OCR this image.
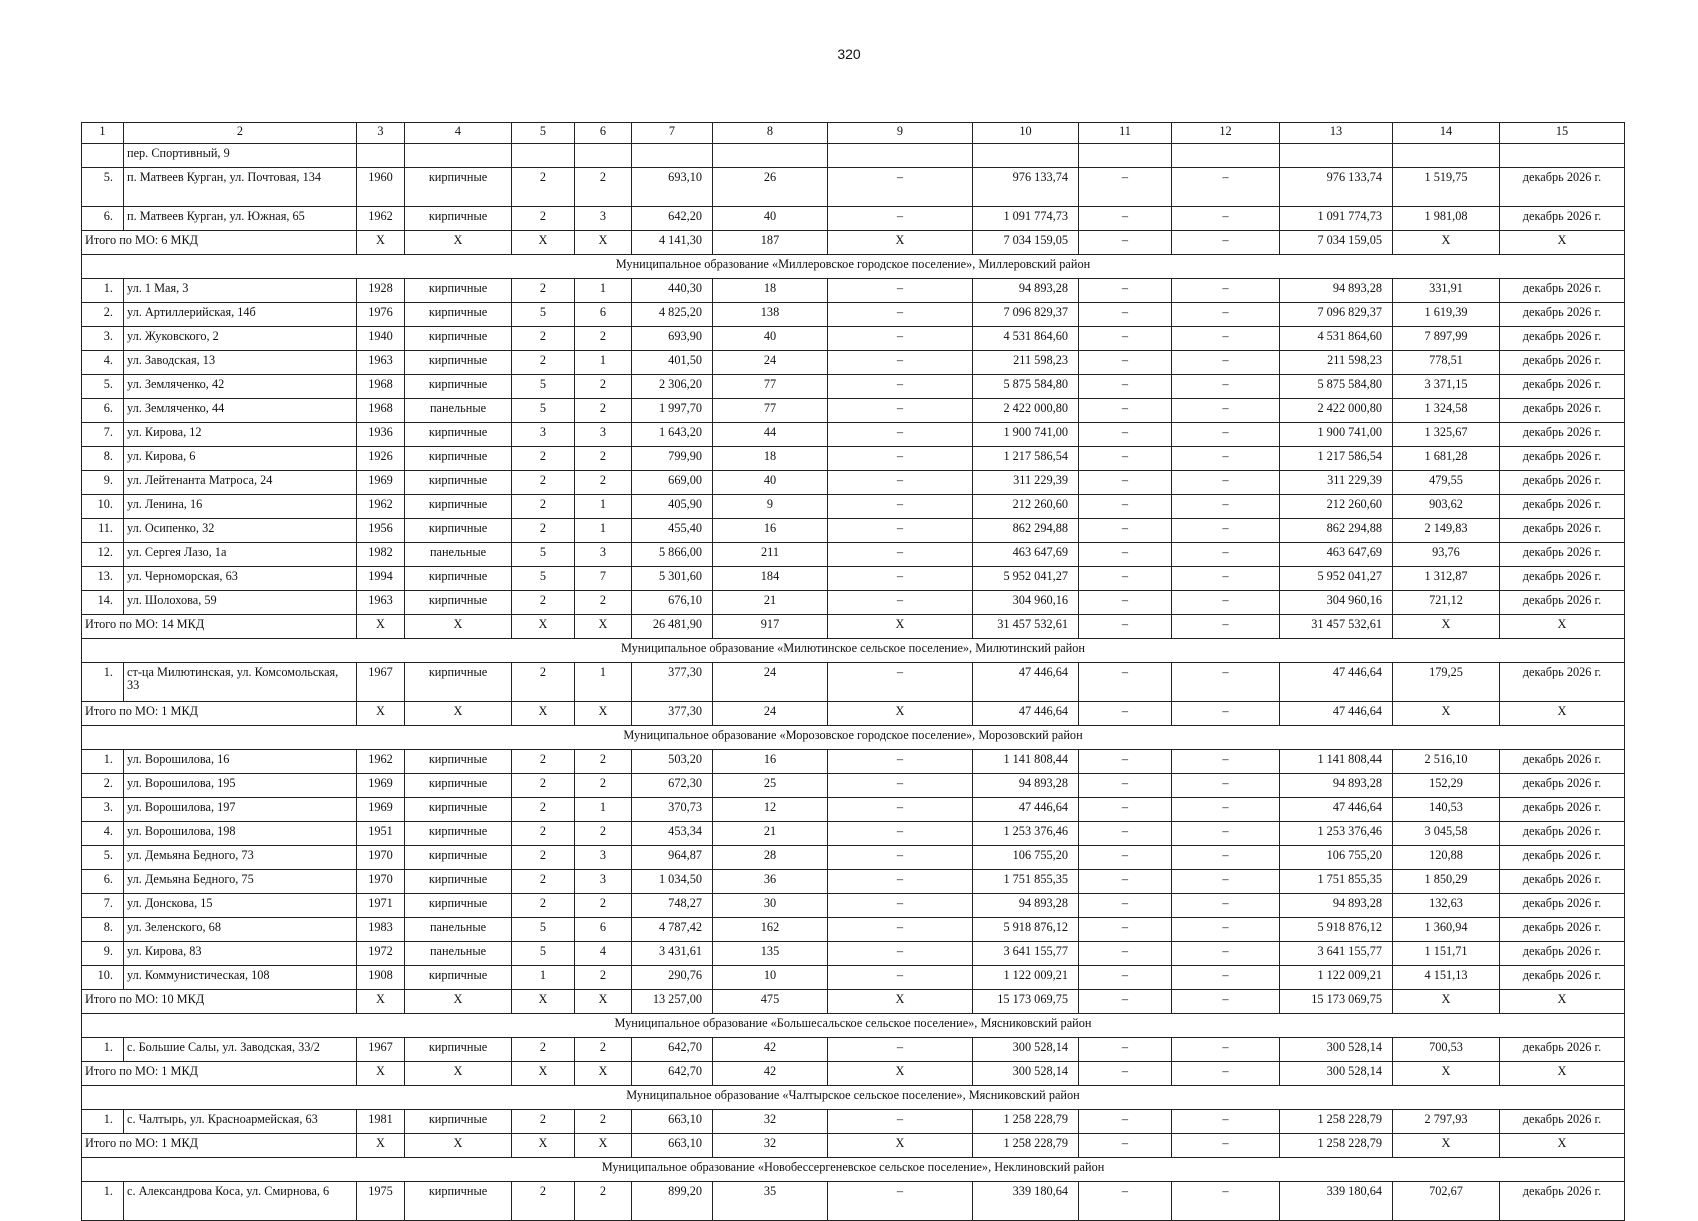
320
1	2	3	4	5	6	7	8	9	10	11	12	13	14	15
	пер. Спортивный, 9													
5.	п. Матвеев Курган, ул. Почтовая, 134	1960	кирпичные	2	2	693,10	26	–	976 133,74	–	–	976 133,74	1 519,75	декабрь 2026 г.
6.	п. Матвеев Курган, ул. Южная, 65	1962	кирпичные	2	3	642,20	40	–	1 091 774,73	–	–	1 091 774,73	1 981,08	декабрь 2026 г.
Итого по МО: 6 МКД		X	X	X	X	4 141,30	187	X	7 034 159,05	–	–	7 034 159,05	X	X
Муниципальное образование «Миллеровское городское поселение», Миллеровский район														
1.	ул. 1 Мая, 3	1928	кирпичные	2	1	440,30	18	–	94 893,28	–	–	94 893,28	331,91	декабрь 2026 г.
2.	ул. Артиллерийская, 14б	1976	кирпичные	5	6	4 825,20	138	–	7 096 829,37	–	–	7 096 829,37	1 619,39	декабрь 2026 г.
3.	ул. Жуковского, 2	1940	кирпичные	2	2	693,90	40	–	4 531 864,60	–	–	4 531 864,60	7 897,99	декабрь 2026 г.
4.	ул. Заводская, 13	1963	кирпичные	2	1	401,50	24	–	211 598,23	–	–	211 598,23	778,51	декабрь 2026 г.
5.	ул. Земляченко, 42	1968	кирпичные	5	2	2 306,20	77	–	5 875 584,80	–	–	5 875 584,80	3 371,15	декабрь 2026 г.
6.	ул. Земляченко, 44	1968	панельные	5	2	1 997,70	77	–	2 422 000,80	–	–	2 422 000,80	1 324,58	декабрь 2026 г.
7.	ул. Кирова, 12	1936	кирпичные	3	3	1 643,20	44	–	1 900 741,00	–	–	1 900 741,00	1 325,67	декабрь 2026 г.
8.	ул. Кирова, 6	1926	кирпичные	2	2	799,90	18	–	1 217 586,54	–	–	1 217 586,54	1 681,28	декабрь 2026 г.
9.	ул. Лейтенанта Матроса, 24	1969	кирпичные	2	2	669,00	40	–	311 229,39	–	–	311 229,39	479,55	декабрь 2026 г.
10.	ул. Ленина, 16	1962	кирпичные	2	1	405,90	9	–	212 260,60	–	–	212 260,60	903,62	декабрь 2026 г.
11.	ул. Осипенко, 32	1956	кирпичные	2	1	455,40	16	–	862 294,88	–	–	862 294,88	2 149,83	декабрь 2026 г.
12.	ул. Сергея Лазо, 1а	1982	панельные	5	3	5 866,00	211	–	463 647,69	–	–	463 647,69	93,76	декабрь 2026 г.
13.	ул. Черноморская, 63	1994	кирпичные	5	7	5 301,60	184	–	5 952 041,27	–	–	5 952 041,27	1 312,87	декабрь 2026 г.
14.	ул. Шолохова, 59	1963	кирпичные	2	2	676,10	21	–	304 960,16	–	–	304 960,16	721,12	декабрь 2026 г.
Итого по МО: 14 МКД		X	X	X	X	26 481,90	917	X	31 457 532,61	–	–	31 457 532,61	X	X
Муниципальное образование «Милютинское сельское поселение», Милютинский район														
1.	ст-ца Милютинская, ул. Комсомольская, 33	1967	кирпичные	2	1	377,30	24	–	47 446,64	–	–	47 446,64	179,25	декабрь 2026 г.
Итого по МО: 1 МКД		X	X	X	X	377,30	24	X	47 446,64	–	–	47 446,64	X	X
Муниципальное образование «Морозовское городское поселение», Морозовский район														
1.	ул. Ворошилова, 16	1962	кирпичные	2	2	503,20	16	–	1 141 808,44	–	–	1 141 808,44	2 516,10	декабрь 2026 г.
2.	ул. Ворошилова, 195	1969	кирпичные	2	2	672,30	25	–	94 893,28	–	–	94 893,28	152,29	декабрь 2026 г.
3.	ул. Ворошилова, 197	1969	кирпичные	2	1	370,73	12	–	47 446,64	–	–	47 446,64	140,53	декабрь 2026 г.
4.	ул. Ворошилова, 198	1951	кирпичные	2	2	453,34	21	–	1 253 376,46	–	–	1 253 376,46	3 045,58	декабрь 2026 г.
5.	ул. Демьяна Бедного, 73	1970	кирпичные	2	3	964,87	28	–	106 755,20	–	–	106 755,20	120,88	декабрь 2026 г.
6.	ул. Демьяна Бедного, 75	1970	кирпичные	2	3	1 034,50	36	–	1 751 855,35	–	–	1 751 855,35	1 850,29	декабрь 2026 г.
7.	ул. Донскова, 15	1971	кирпичные	2	2	748,27	30	–	94 893,28	–	–	94 893,28	132,63	декабрь 2026 г.
8.	ул. Зеленского, 68	1983	панельные	5	6	4 787,42	162	–	5 918 876,12	–	–	5 918 876,12	1 360,94	декабрь 2026 г.
9.	ул. Кирова, 83	1972	панельные	5	4	3 431,61	135	–	3 641 155,77	–	–	3 641 155,77	1 151,71	декабрь 2026 г.
10.	ул. Коммунистическая, 108	1908	кирпичные	1	2	290,76	10	–	1 122 009,21	–	–	1 122 009,21	4 151,13	декабрь 2026 г.
Итого по МО: 10 МКД		X	X	X	X	13 257,00	475	X	15 173 069,75	–	–	15 173 069,75	X	X
Муниципальное образование «Большесальское сельское поселение», Мясниковский район														
1.	с. Большие Салы, ул. Заводская, 33/2	1967	кирпичные	2	2	642,70	42	–	300 528,14	–	–	300 528,14	700,53	декабрь 2026 г.
Итого по МО: 1 МКД		X	X	X	X	642,70	42	X	300 528,14	–	–	300 528,14	X	X
Муниципальное образование «Чалтырское сельское поселение», Мясниковский район														
1.	с. Чалтырь, ул. Красноармейская, 63	1981	кирпичные	2	2	663,10	32	–	1 258 228,79	–	–	1 258 228,79	2 797,93	декабрь 2026 г.
Итого по МО: 1 МКД		X	X	X	X	663,10	32	X	1 258 228,79	–	–	1 258 228,79	X	X
Муниципальное образование «Новобессергеневское сельское поселение», Неклиновский район														
1.	с. Александрова Коса, ул. Смирнова, 6	1975	кирпичные	2	2	899,20	35	–	339 180,64	–	–	339 180,64	702,67	декабрь 2026 г.
